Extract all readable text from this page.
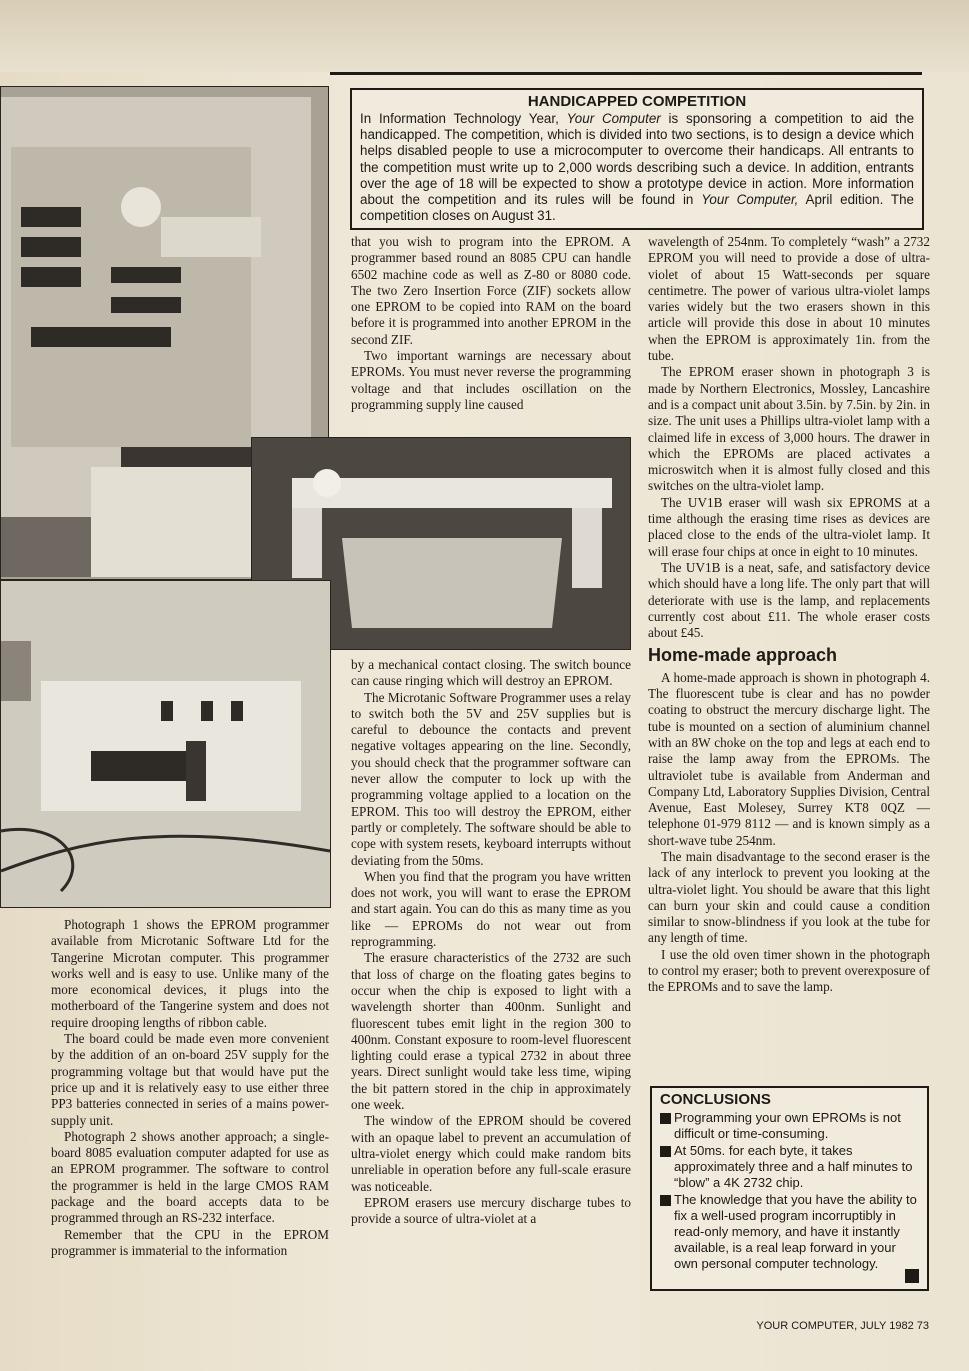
HANDICAPPED COMPETITION
In Information Technology Year, Your Computer is sponsoring a competition to aid the handicapped. The competition, which is divided into two sections, is to design a device which helps disabled people to use a microcomputer to overcome their handicaps. All entrants to the competition must write up to 2,000 words describing such a device. In addition, entrants over the age of 18 will be expected to show a prototype device in action. More information about the competition and its rules will be found in Your Computer, April edition. The competition closes on August 31.

Photograph 1 shows the EPROM programmer available from Microtanic Software Ltd for the Tangerine Microtan computer. This programmer works well and is easy to use. Unlike many of the more economical devices, it plugs into the motherboard of the Tangerine system and does not require drooping lengths of ribbon cable.

The board could be made even more convenient by the addition of an on-board 25V supply for the programming voltage but that would have put the price up and it is relatively easy to use either three PP3 batteries connected in series of a mains power-supply unit.

Photograph 2 shows another approach; a single-board 8085 evaluation computer adapted for use as an EPROM programmer. The software to control the programmer is held in the large CMOS RAM package and the board accepts data to be programmed through an RS-232 interface.

Remember that the CPU in the EPROM programmer is immaterial to the information

that you wish to program into the EPROM. A programmer based round an 8085 CPU can handle 6502 machine code as well as Z-80 or 8080 code. The two Zero Insertion Force (ZIF) sockets allow one EPROM to be copied into RAM on the board before it is programmed into another EPROM in the second ZIF.

Two important warnings are necessary about EPROMs. You must never reverse the programming voltage and that includes oscillation on the programming supply line caused

by a mechanical contact closing. The switch bounce can cause ringing which will destroy an EPROM.

The Microtanic Software Programmer uses a relay to switch both the 5V and 25V supplies but is careful to debounce the contacts and prevent negative voltages appearing on the line. Secondly, you should check that the programmer software can never allow the computer to lock up with the programming voltage applied to a location on the EPROM. This too will destroy the EPROM, either partly or completely. The software should be able to cope with system resets, keyboard interrupts without deviating from the 50ms.

When you find that the program you have written does not work, you will want to erase the EPROM and start again. You can do this as many time as you like — EPROMs do not wear out from reprogramming.

The erasure characteristics of the 2732 are such that loss of charge on the floating gates begins to occur when the chip is exposed to light with a wavelength shorter than 400nm. Sunlight and fluorescent tubes emit light in the region 300 to 400nm. Constant exposure to room-level fluorescent lighting could erase a typical 2732 in about three years. Direct sunlight would take less time, wiping the bit pattern stored in the chip in approximately one week.

The window of the EPROM should be covered with an opaque label to prevent an accumulation of ultra-violet energy which could make random bits unreliable in operation before any full-scale erasure was noticeable.

EPROM erasers use mercury discharge tubes to provide a source of ultra-violet at a

wavelength of 254nm. To completely “wash” a 2732 EPROM you will need to provide a dose of ultra-violet of about 15 Watt-seconds per square centimetre. The power of various ultra-violet lamps varies widely but the two erasers shown in this article will provide this dose in about 10 minutes when the EPROM is approximately 1in. from the tube.

The EPROM eraser shown in photograph 3 is made by Northern Electronics, Mossley, Lancashire and is a compact unit about 3.5in. by 7.5in. by 2in. in size. The unit uses a Phillips ultra-violet lamp with a claimed life in excess of 3,000 hours. The drawer in which the EPROMs are placed activates a microswitch when it is almost fully closed and this switches on the ultra-violet lamp.

The UV1B eraser will wash six EPROMS at a time although the erasing time rises as devices are placed close to the ends of the ultra-violet lamp. It will erase four chips at once in eight to 10 minutes.

The UV1B is a neat, safe, and satisfactory device which should have a long life. The only part that will deteriorate with use is the lamp, and replacements currently cost about £11. The whole eraser costs about £45.

Home-made approach

A home-made approach is shown in photograph 4. The fluorescent tube is clear and has no powder coating to obstruct the mercury discharge light. The tube is mounted on a section of aluminium channel with an 8W choke on the top and legs at each end to raise the lamp away from the EPROMs. The ultraviolet tube is available from Anderman and Company Ltd, Laboratory Supplies Division, Central Avenue, East Molesey, Surrey KT8 0QZ — telephone 01-979 8112 — and is known simply as a short-wave tube 254nm.

The main disadvantage to the second eraser is the lack of any interlock to prevent you looking at the ultra-violet light. You should be aware that this light can burn your skin and could cause a condition similar to snow-blindness if you look at the tube for any length of time.

I use the old oven timer shown in the photograph to control my eraser; both to prevent overexposure of the EPROMs and to save the lamp.

CONCLUSIONS
Programming your own EPROMs is not difficult or time-consuming.
At 50ms. for each byte, it takes approximately three and a half minutes to “blow” a 4K 2732 chip.
The knowledge that you have the ability to fix a well-used program incorruptibly in read-only memory, and have it instantly available, is a real leap forward in your own personal computer technology.
YOUR COMPUTER, JULY 1982 73
